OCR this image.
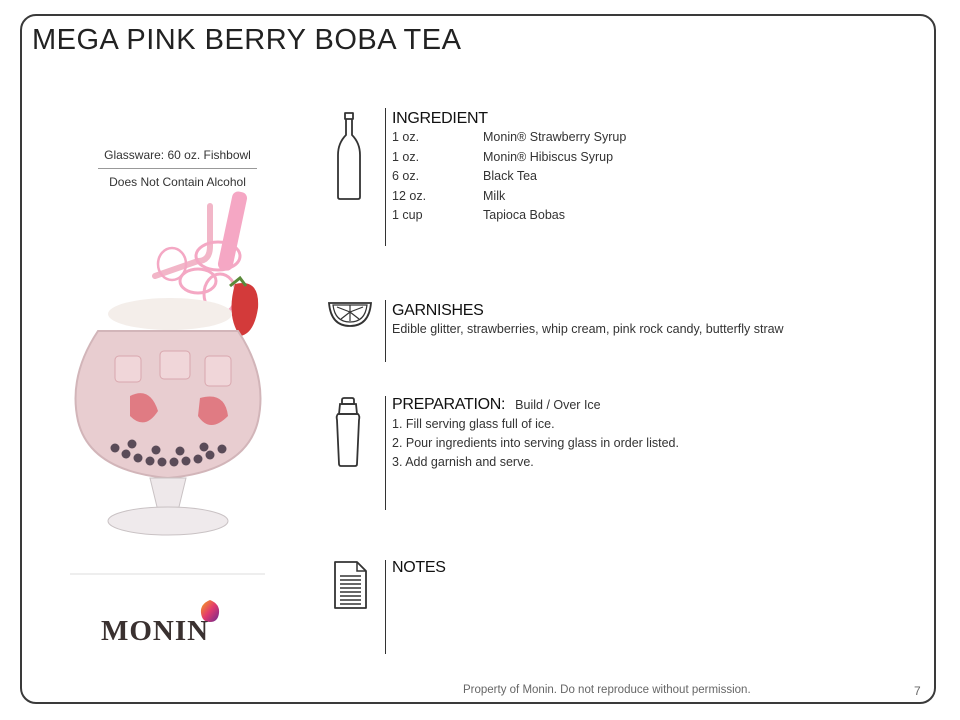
MEGA PINK BERRY BOBA TEA
Glassware: 60 oz. Fishbowl
Does Not Contain Alcohol
MONIN
INGREDIENT
1 oz.	Monin® Strawberry Syrup
1 oz.	Monin® Hibiscus Syrup
6 oz.	Black Tea
12 oz.	Milk
1 cup	Tapioca Bobas
GARNISHES
Edible glitter, strawberries, whip cream, pink rock candy, butterfly straw
PREPARATION: Build / Over Ice
1. Fill serving glass full of ice.
2. Pour ingredients into serving glass in order listed.
3. Add garnish and serve.
NOTES
Property of Monin. Do not reproduce without permission.	7
